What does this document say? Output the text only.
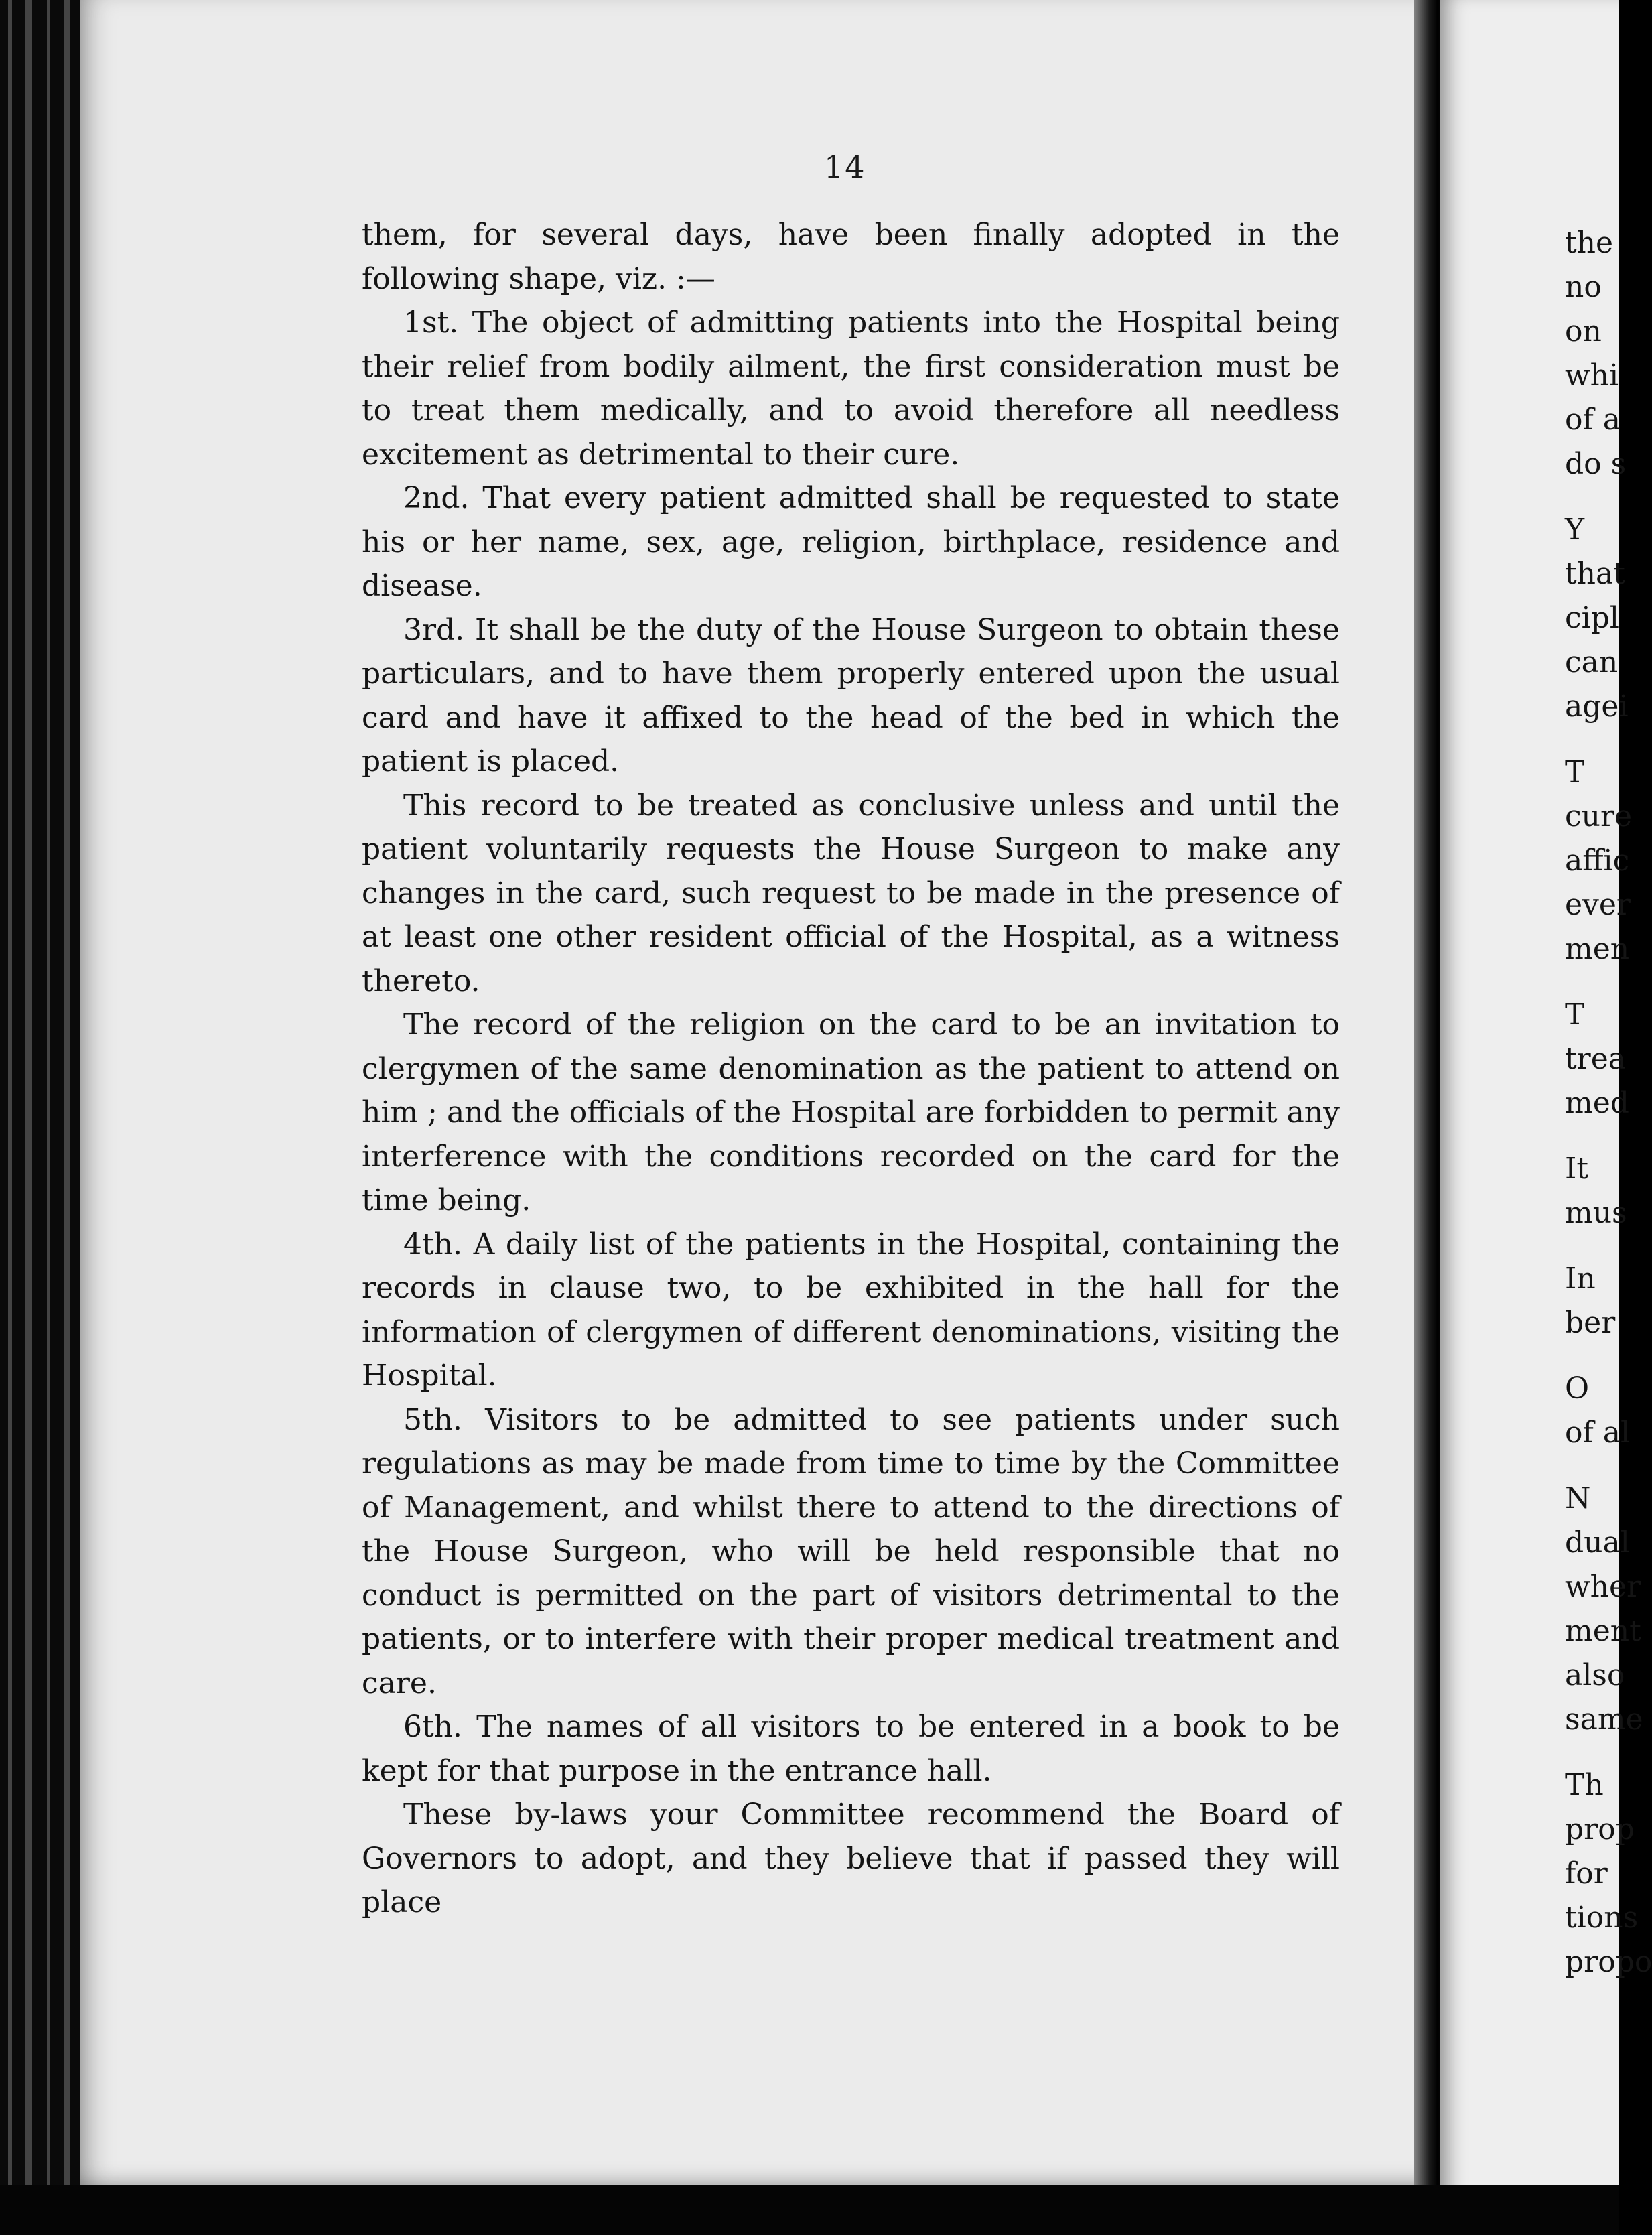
14

them, for several days, have been finally adopted in the following shape, viz. :—

1st. The object of admitting patients into the Hospital being their relief from bodily ailment, the first consideration must be to treat them medically, and to avoid therefore all needless excitement as detrimental to their cure.

2nd. That every patient admitted shall be requested to state his or her name, sex, age, religion, birthplace, residence and disease.

3rd. It shall be the duty of the House Surgeon to obtain these particulars, and to have them properly entered upon the usual card and have it affixed to the head of the bed in which the patient is placed.

This record to be treated as conclusive unless and until the patient voluntarily requests the House Surgeon to make any changes in the card, such request to be made in the presence of at least one other resident official of the Hospital, as a witness thereto.

The record of the religion on the card to be an invitation to clergymen of the same denomination as the patient to attend on him ; and the officials of the Hospital are forbidden to permit any interference with the conditions recorded on the card for the time being.

4th. A daily list of the patients in the Hospital, containing the records in clause two, to be exhibited in the hall for the information of clergymen of different denominations, visiting the Hospital.

5th. Visitors to be admitted to see patients under such regulations as may be made from time to time by the Committee of Management, and whilst there to attend to the directions of the House Surgeon, who will be held responsible that no conduct is permitted on the part of visitors detrimental to the patients, or to interfere with their proper medical treatment and care.

6th. The names of all visitors to be entered in a book to be kept for that purpose in the entrance hall.

These by-laws your Committee recommend the Board of Governors to adopt, and they believe that if passed they will place

the
no
on
whi
of a
do s
Y
that
cipl
can
agei
T
cure
affic
ever
men
T
trea
med
It
mus
In
ber
O
of al
N
dual
wher
ment
also
same
Th
prop
for
tions
propo
